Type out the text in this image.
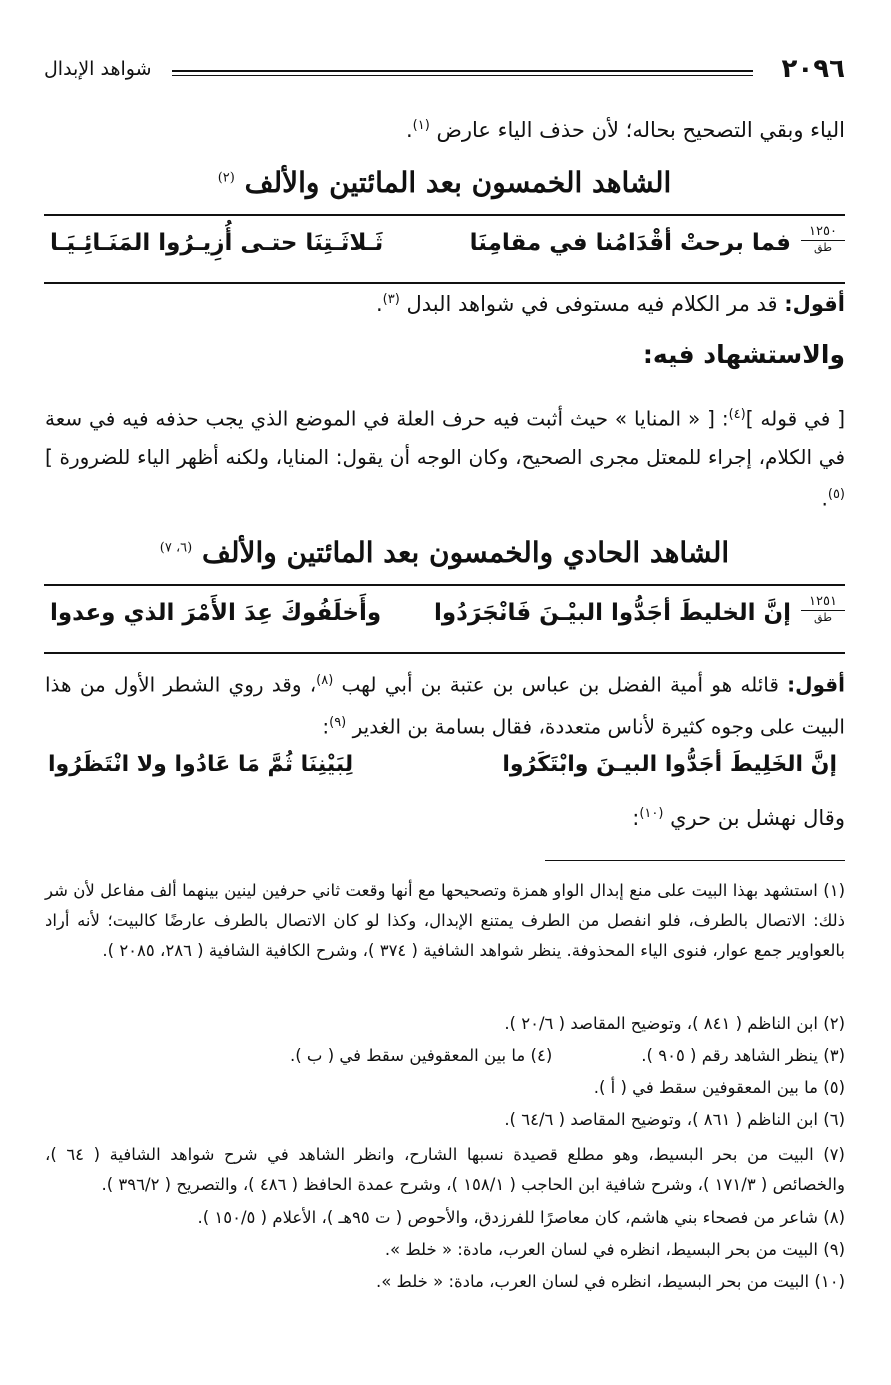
٢٠٩٦
شواهد الإبدال
الياء وبقي التصحيح بحاله؛ لأن حذف الياء عارض $^{(١)}$.
الشاهد الخمسون بعد المائتين والألف $^{(٢)}$
١٢٥٠
طق
فما برحتْ أقْدَامُنا في مقامِنَا
ثَـلاثَـتِنَا حتـى أُزِيـرُوا المَنَـائِـيَـا
أقول: قد مر الكلام فيه مستوفى في شواهد البدل $^{(٣)}$.
والاستشهاد فيه:
[ في قوله ]$^{(٤)}$: [ « المنايا » حيث أثبت فيه حرف العلة في الموضع الذي يجب حذفه فيه في سعة في الكلام، إجراء للمعتل مجرى الصحيح، وكان الوجه أن يقول: المنايا، ولكنه أظهر الياء للضرورة ] $^{(٥)}$.
الشاهد الحادي والخمسون بعد المائتين والألف $^{(٦، ٧)}$
١٢٥١
طق
إنَّ الخليطَ أجَدُّوا البيْـنَ فَانْجَرَدُوا
وأَخلَفُوكَ عِدَ الأَمْرَ الذي وعدوا
أقول: قائله هو أمية الفضل بن عباس بن عتبة بن أبي لهب $^{(٨)}$، وقد روي الشطر الأول من هذا البيت على وجوه كثيرة لأناس متعددة، فقال بسامة بن الغدير $^{(٩)}$:
إنَّ الخَلِيطَ أجَدُّوا البيـنَ وابْتَكَرُوا
لِبَيْنِنَا ثُمَّ مَا عَادُوا ولا انْتَظَرُوا
وقال نهشل بن حري $^{(١٠)}$:
(١) استشهد بهذا البيت على منع إبدال الواو همزة وتصحيحها مع أنها وقعت ثاني حرفين لينين بينهما ألف مفاعل لأن شر ذلك: الاتصال بالطرف، فلو انفصل من الطرف يمتنع الإبدال، وكذا لو كان الاتصال بالطرف عارضًا كالبيت؛ لأنه أراد بالعواوير جمع عوار، فنوى الياء المحذوفة. ينظر شواهد الشافية ( ٣٧٤ )، وشرح الكافية الشافية ( ٢٨٦، ٢٠٨٥ ).
(٢) ابن الناظم ( ٨٤١ )، وتوضيح المقاصد ( ٢٠/٦ ).
(٣) ينظر الشاهد رقم ( ٩٠٥ ).
(٤) ما بين المعقوفين سقط في ( ب ).
(٥) ما بين المعقوفين سقط في ( أ ).
(٦) ابن الناظم ( ٨٦١ )، وتوضيح المقاصد ( ٦٤/٦ ).
(٧) البيت من بحر البسيط، وهو مطلع قصيدة نسبها الشارح، وانظر الشاهد في شرح شواهد الشافية ( ٦٤ )، والخصائص ( ١٧١/٣ )، وشرح شافية ابن الحاجب ( ١٥٨/١ )، وشرح عمدة الحافظ ( ٤٨٦ )، والتصريح ( ٣٩٦/٢ ).
(٨) شاعر من فصحاء بني هاشم، كان معاصرًا للفرزدق، والأحوص ( ت ٩٥هـ )، الأعلام ( ١٥٠/٥ ).
(٩) البيت من بحر البسيط، انظره في لسان العرب، مادة: « خلط ».
(١٠) البيت من بحر البسيط، انظره في لسان العرب، مادة: « خلط ».
